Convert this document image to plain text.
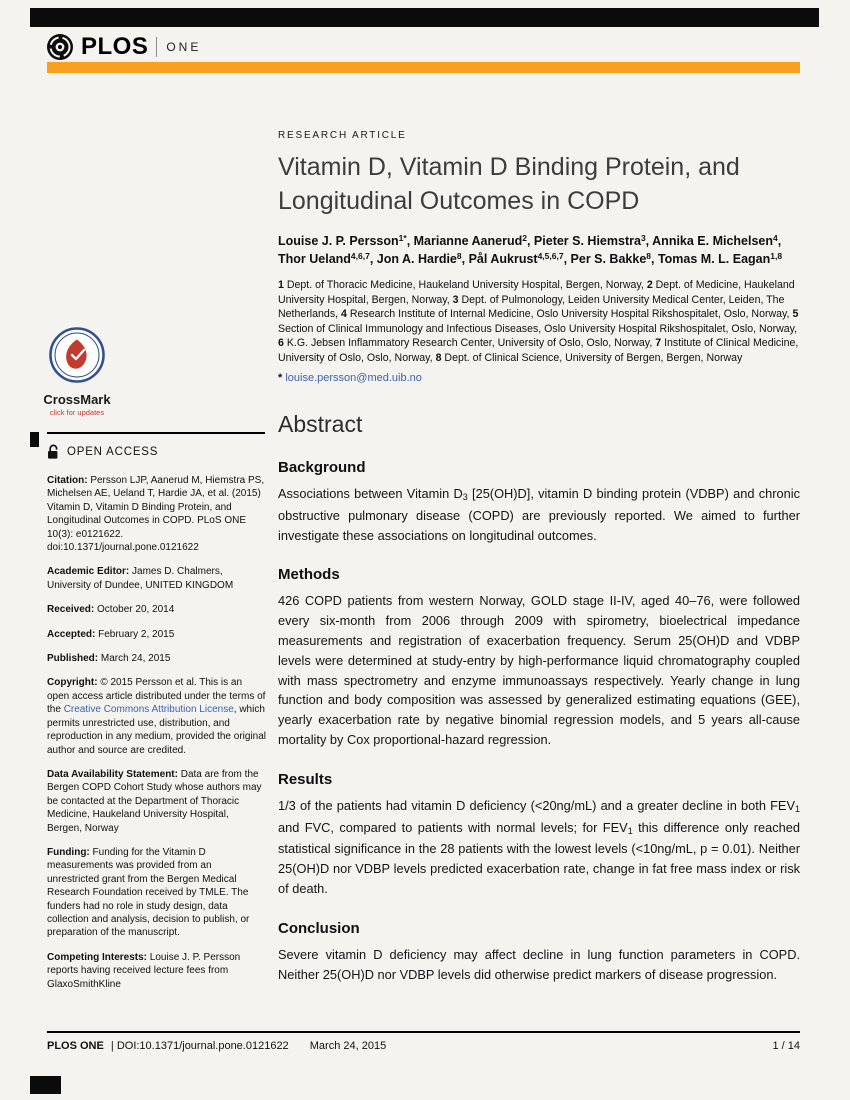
PLOS ONE
CrossMark
click for updates
OPEN ACCESS

Citation: Persson LJP, Aanerud M, Hiemstra PS, Michelsen AE, Ueland T, Hardie JA, et al. (2015) Vitamin D, Vitamin D Binding Protein, and Longitudinal Outcomes in COPD. PLoS ONE 10(3): e0121622. doi:10.1371/journal.pone.0121622

Academic Editor: James D. Chalmers, University of Dundee, UNITED KINGDOM

Received: October 20, 2014

Accepted: February 2, 2015

Published: March 24, 2015

Copyright: © 2015 Persson et al. This is an open access article distributed under the terms of the Creative Commons Attribution License, which permits unrestricted use, distribution, and reproduction in any medium, provided the original author and source are credited.

Data Availability Statement: Data are from the Bergen COPD Cohort Study whose authors may be contacted at the Department of Thoracic Medicine, Haukeland University Hospital, Bergen, Norway

Funding: Funding for the Vitamin D measurements was provided from an unrestricted grant from the Bergen Medical Research Foundation received by TMLE. The funders had no role in study design, data collection and analysis, decision to publish, or preparation of the manuscript.

Competing Interests: Louise J. P. Persson reports having received lecture fees from GlaxoSmithKline

RESEARCH ARTICLE
Vitamin D, Vitamin D Binding Protein, and
Longitudinal Outcomes in COPD

Louise J. P. Persson$^{1*}$, Marianne Aanerud$^2$, Pieter S. Hiemstra$^3$, Annika E. Michelsen$^4$,
Thor Ueland$^{4,6,7}$, Jon A. Hardie$^8$, Pål Aukrust$^{4,5,6,7}$, Per S. Bakke$^8$, Tomas M. L. Eagan$^{1,8}$

1 Dept. of Thoracic Medicine, Haukeland University Hospital, Bergen, Norway, 2 Dept. of Medicine, Haukeland University Hospital, Bergen, Norway, 3 Dept. of Pulmonology, Leiden University Medical Center, Leiden, The Netherlands, 4 Research Institute of Internal Medicine, Oslo University Hospital Rikshospitalet, Oslo, Norway, 5 Section of Clinical Immunology and Infectious Diseases, Oslo University Hospital Rikshospitalet, Oslo, Norway, 6 K.G. Jebsen Inflammatory Research Center, University of Oslo, Oslo, Norway, 7 Institute of Clinical Medicine, University of Oslo, Oslo, Norway, 8 Dept. of Clinical Science, University of Bergen, Bergen, Norway

* louise.persson@med.uib.no

Abstract
Background

Associations between Vitamin $D_3$ [25(OH)D], vitamin D binding protein (VDBP) and chronic obstructive pulmonary disease (COPD) are previously reported. We aimed to further investigate these associations on longitudinal outcomes.

Methods

426 COPD patients from western Norway, GOLD stage II-IV, aged 40–76, were followed every six-month from 2006 through 2009 with spirometry, bioelectrical impedance measurements and registration of exacerbation frequency. Serum 25(OH)D and VDBP levels were determined at study-entry by high-performance liquid chromatography coupled with mass spectrometry and enzyme immunoassays respectively. Yearly change in lung function and body composition was assessed by generalized estimating equations (GEE), yearly exacerbation rate by negative binomial regression models, and 5 years all-cause mortality by Cox proportional-hazard regression.

Results

1/3 of the patients had vitamin D deficiency (<20ng/mL) and a greater decline in both $FEV_1$ and FVC, compared to patients with normal levels; for $FEV_1$ this difference only reached statistical significance in the 28 patients with the lowest levels (<10ng/mL, p = 0.01). Neither 25(OH)D nor VDBP levels predicted exacerbation rate, change in fat free mass index or risk of death.

Conclusion

Severe vitamin D deficiency may affect decline in lung function parameters in COPD. Neither 25(OH)D nor VDBP levels did otherwise predict markers of disease progression.

PLOS ONE | DOI:10.1371/journal.pone.0121622 March 24, 2015	1 / 14
